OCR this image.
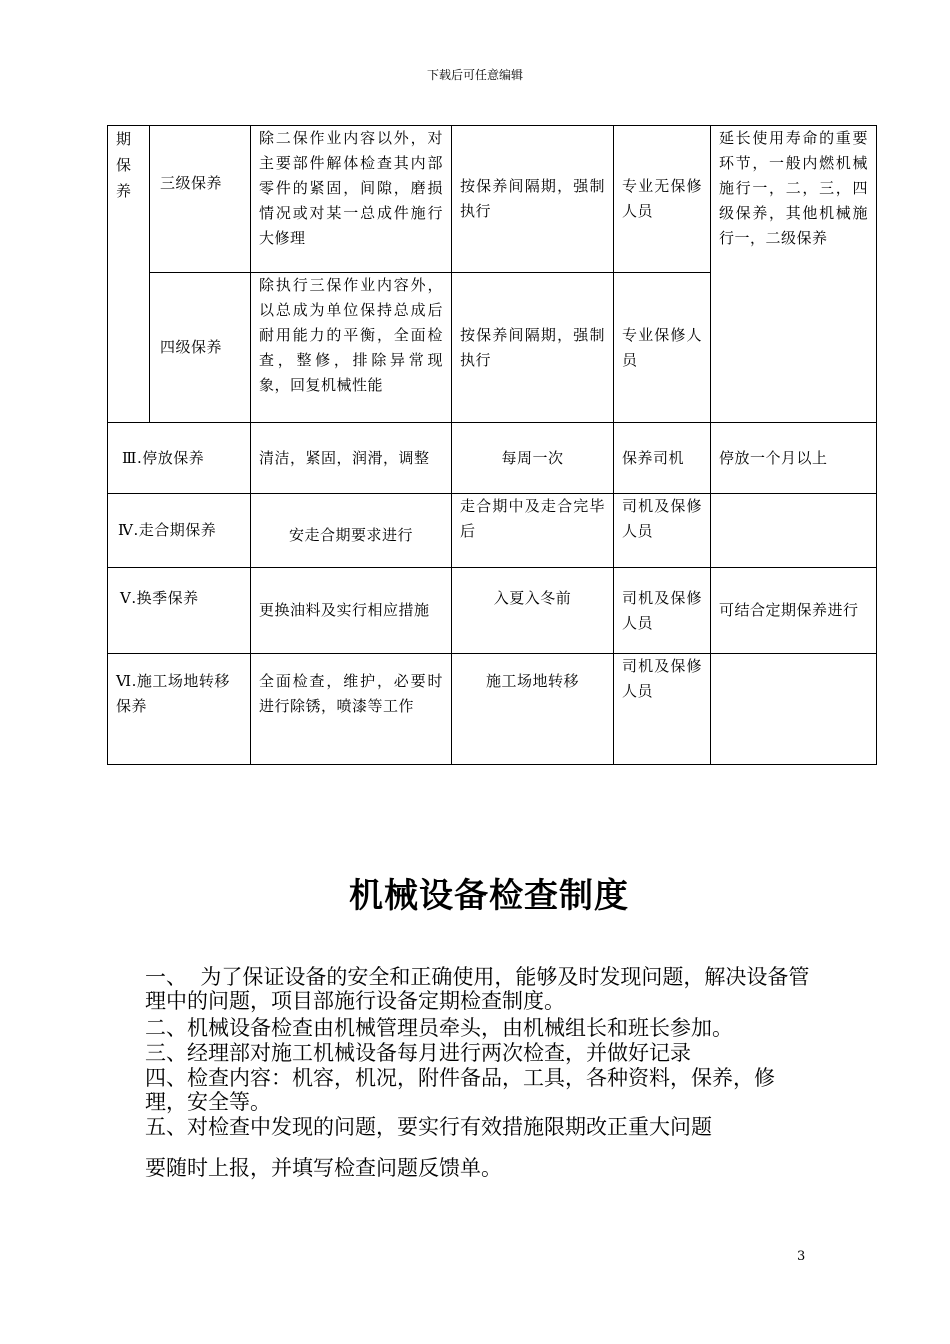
下载后可任意编辑
期
保
养	三级保养	除二保作业内容以外，对主要部件解体检查其内部零件的紧固，间隙，磨损情况或对某一总成件施行大修理	按保养间隔期，强制执行	专业无保修人员	延长使用寿命的重要环节，一般内燃机械施行一，二，三，四级保养，其他机械施行一，二级保养

	四级保养	除执行三保作业内容外，以总成为单位保持总成后耐用能力的平衡，全面检查，整修，排除异常现象，回复机械性能	按保养间隔期，强制执行	专业保修人员	

Ⅲ.停放保养		清洁，紧固，润滑，调整	每周一次	保养司机	停放一个月以上

Ⅳ.走合期保养		安走合期要求进行	走合期中及走合完毕后	司机及保修人员	

Ⅴ.换季保养		更换油料及实行相应措施	入夏入冬前	司机及保修人员	可结合定期保养进行

Ⅵ.施工场地转移保养		全面检查，维护，必要时进行除锈，喷漆等工作	施工场地转移	司机及保修人员	

机械设备检查制度
一、  为了保证设备的安全和正确使用，能够及时发现问题，解决设备管理中的问题，项目部施行设备定期检查制度。
二、机械设备检查由机械管理员牵头，由机械组长和班长参加。
三、经理部对施工机械设备每月进行两次检查，并做好记录
四、检查内容：机容，机况，附件备品，工具，各种资料，保养，修理，安全等。
五、对检查中发现的问题，要实行有效措施限期改正重大问题
要随时上报，并填写检查问题反馈单。
3
